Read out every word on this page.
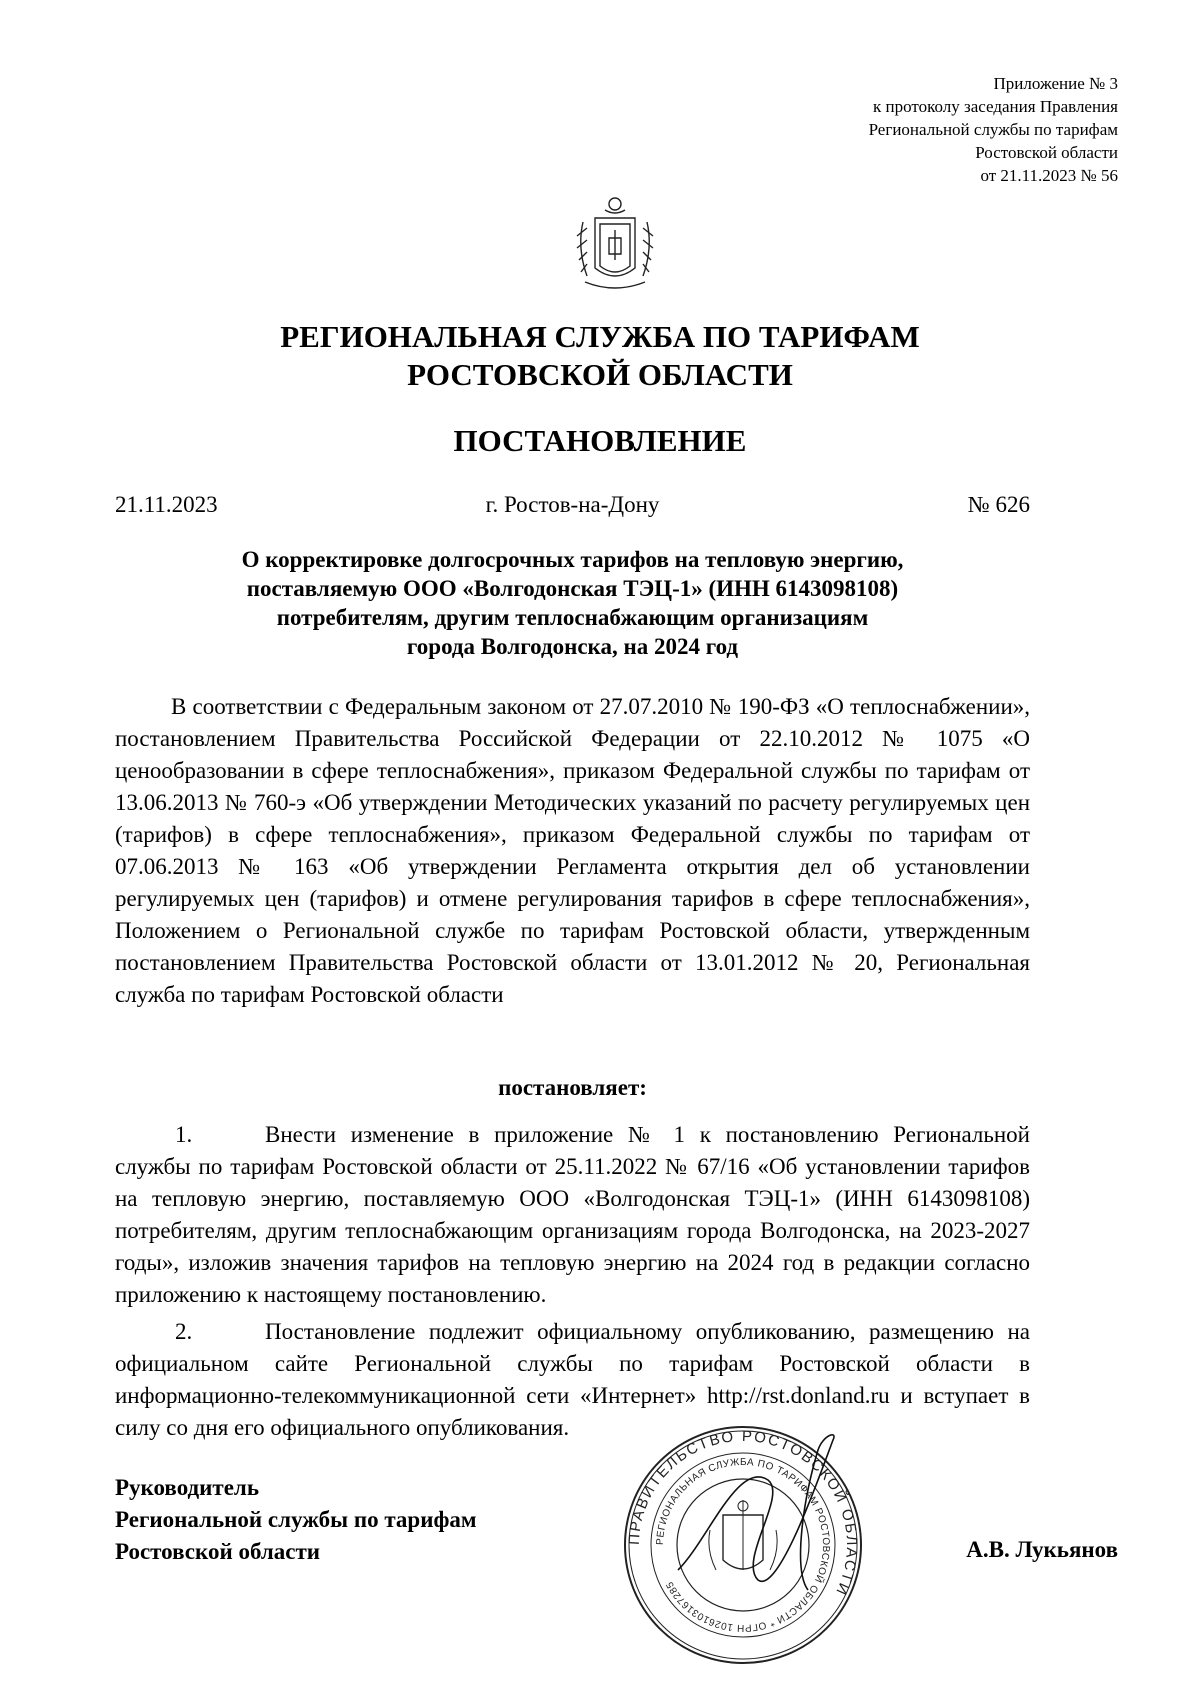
Приложение № 3
к протоколу заседания Правления
Региональной службы по тарифам
Ростовской области
от 21.11.2023 № 56
РЕГИОНАЛЬНАЯ СЛУЖБА ПО ТАРИФАМ
РОСТОВСКОЙ ОБЛАСТИ
ПОСТАНОВЛЕНИЕ
г. Ростов-на-Дону
21.11.2023	№ 626
О корректировке долгосрочных тарифов на тепловую энергию,
поставляемую ООО «Волгодонская ТЭЦ-1» (ИНН 6143098108)
потребителям, другим теплоснабжающим организациям
города Волгодонска, на 2024 год
В соответствии с Федеральным законом от 27.07.2010 № 190-ФЗ «О теплоснабжении», постановлением Правительства Российской Федерации от 22.10.2012 № 1075 «О ценообразовании в сфере теплоснабжения», приказом Федеральной службы по тарифам от 13.06.2013 № 760-э «Об утверждении Методических указаний по расчету регулируемых цен (тарифов) в сфере теплоснабжения», приказом Федеральной службы по тарифам от 07.06.2013 № 163 «Об утверждении Регламента открытия дел об установлении регулируемых цен (тарифов) и отмене регулирования тарифов в сфере теплоснабжения», Положением о Региональной службе по тарифам Ростовской области, утвержденным постановлением Правительства Ростовской области от 13.01.2012 № 20, Региональная служба по тарифам Ростовской области
постановляет:
1.	Внести изменение в приложение № 1 к постановлению Региональной службы по тарифам Ростовской области от 25.11.2022 № 67/16 «Об установлении тарифов на тепловую энергию, поставляемую ООО «Волгодонская ТЭЦ-1» (ИНН 6143098108) потребителям, другим теплоснабжающим организациям города Волгодонска, на 2023-2027 годы», изложив значения тарифов на тепловую энергию на 2024 год в редакции согласно приложению к настоящему постановлению.
2.	Постановление подлежит официальному опубликованию, размещению на официальном сайте Региональной службы по тарифам Ростовской области в информационно-телекоммуникационной сети «Интернет» http://rst.donland.ru и вступает в силу со дня его официального опубликования.
Руководитель
Региональной службы по тарифам
Ростовской области
ПРАВИТЕЛЬСТВО РОСТОВСКОЙ ОБЛАСТИ
РЕГИОНАЛЬНАЯ СЛУЖБА ПО ТАРИФАМ РОСТОВСКОЙ ОБЛАСТИ * ОГРН 1026103167285
А.В. Лукьянов
